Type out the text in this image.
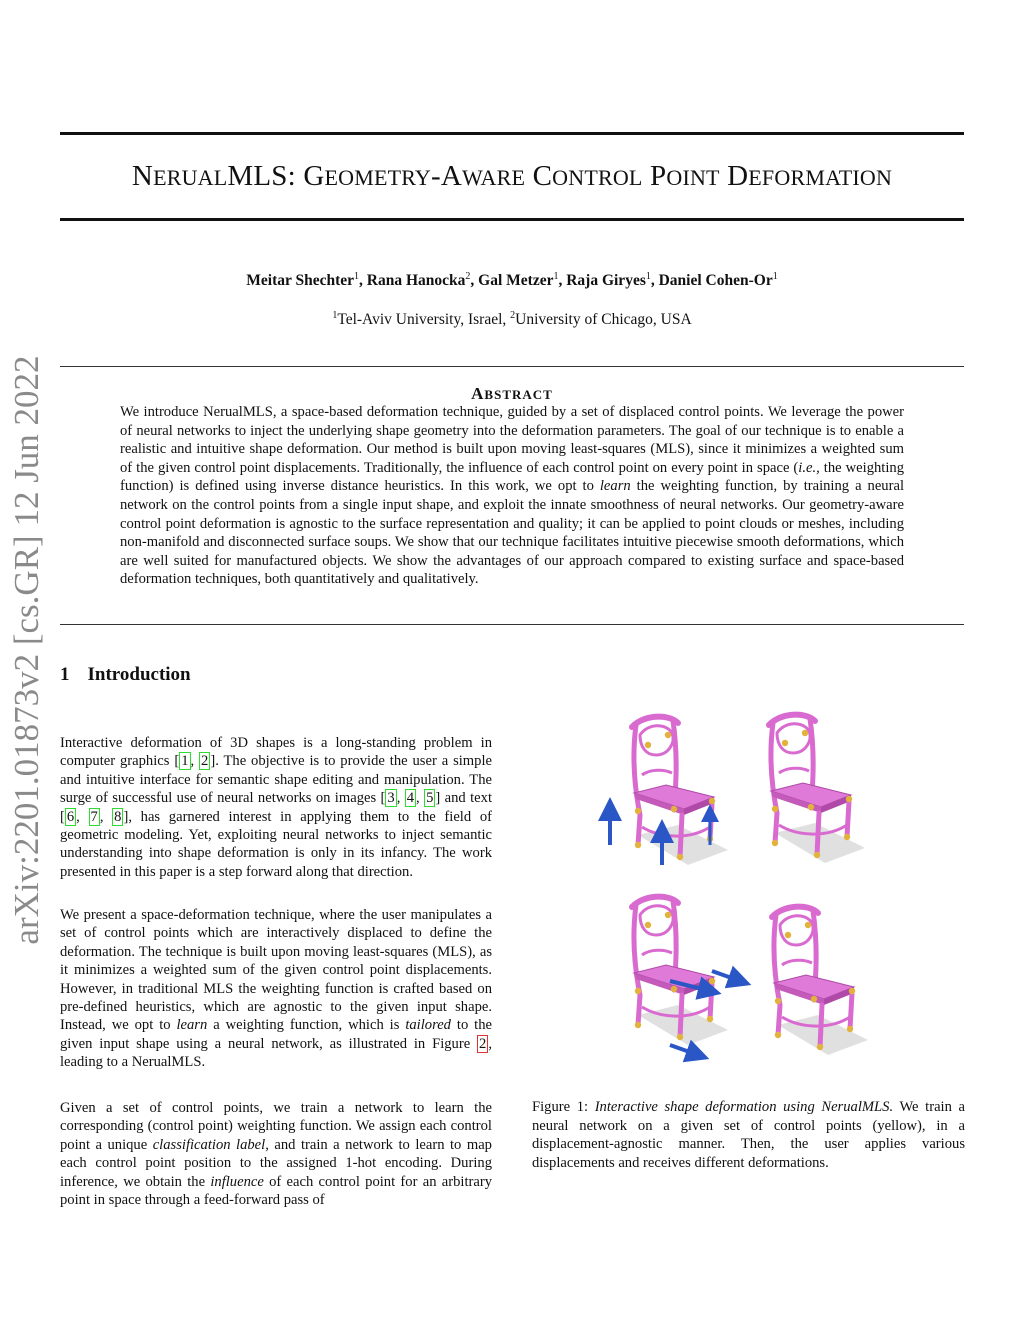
NERUALMLS: GEOMETRY-AWARE CONTROL POINT DEFORMATION
Meitar Shechter$^1$, Rana Hanocka$^2$, Gal Metzer$^1$, Raja Giryes$^1$, Daniel Cohen-Or$^1$
$^1$Tel-Aviv University, Israel, $^2$University of Chicago, USA
ABSTRACT
We introduce NerualMLS, a space-based deformation technique, guided by a set of displaced control points. We leverage the power of neural networks to inject the underlying shape geometry into the deformation parameters. The goal of our technique is to enable a realistic and intuitive shape deformation. Our method is built upon moving least-squares (MLS), since it minimizes a weighted sum of the given control point displacements. Traditionally, the influence of each control point on every point in space (i.e., the weighting function) is defined using inverse distance heuristics. In this work, we opt to learn the weighting function, by training a neural network on the control points from a single input shape, and exploit the innate smoothness of neural networks. Our geometry-aware control point deformation is agnostic to the surface representation and quality; it can be applied to point clouds or meshes, including non-manifold and disconnected surface soups. We show that our technique facilitates intuitive piecewise smooth deformations, which are well suited for manufactured objects. We show the advantages of our approach compared to existing surface and space-based deformation techniques, both quantitatively and qualitatively.
arXiv:2201.01873v2 [cs.GR] 12 Jun 2022 1 Introduction
Interactive deformation of 3D shapes is a long-standing problem in computer graphics [ 1 , 2 ]. The objective is to provide the user a simple and intuitive interface for semantic shape editing and manipulation. The surge of successful use of neural networks on images [ 3 , 4 , 5 ] and text [ 6 , 7 , 8 ], has garnered interest in applying them to the field of geometric modeling. Yet, exploiting neural networks to inject semantic understanding into shape deformation is only in its infancy. The work presented in this paper is a step forward along that direction.
We present a space-deformation technique, where the user manipulates a set of control points which are interactively displaced to define the deformation. The technique is built upon moving least-squares (MLS), as it minimizes a weighted sum of the given control point displacements. However, in traditional MLS the weighting function is crafted based on pre-defined heuristics, which are agnostic to the given input shape. Instead, we opt to learn a weighting function, which is tailored to the given input shape using a neural network, as illustrated in Figure 2 , leading to a NerualMLS.
Given a set of control points, we train a network to learn the corresponding (control point) weighting function. We assign each control point a unique classification label, and train a network to learn to map each control point position to the assigned 1-hot encoding. During inference, we obtain the influence of each control point for an arbitrary point in space through a feed-forward pass of
Figure 1: Interactive shape deformation using NerualMLS. We train a neural network on a given set of control points (yellow), in a displacement-agnostic manner. Then, the user applies various displacements and receives different deformations.
